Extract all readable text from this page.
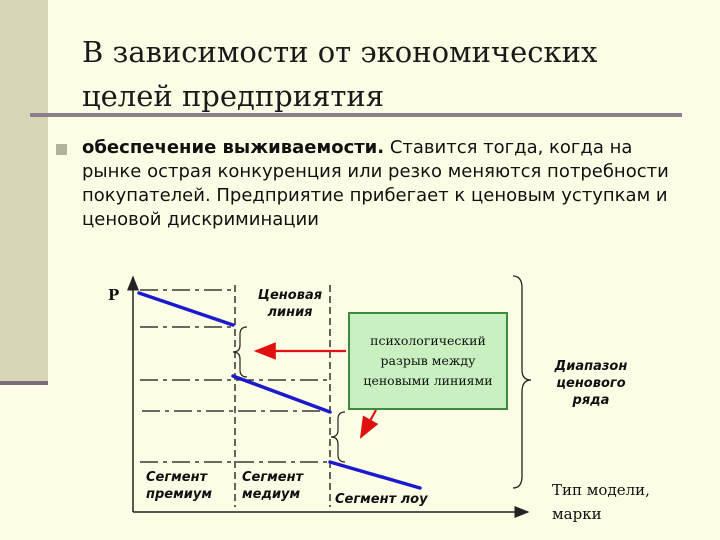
В зависимости от экономических целей предприятия
обеспечение выживаемости. Ставится тогда, когда на рынке острая конкуренция или резко меняются потребности покупателей. Предприятие прибегает к ценовым уступкам и ценовой дискриминации
P	Ценовая линия
психологический разрыв между ценовыми линиями
Диапазон ценового ряда
Сегмент премиум
Сегмент медиум	Сегмент лоу
Тип модели, марки
